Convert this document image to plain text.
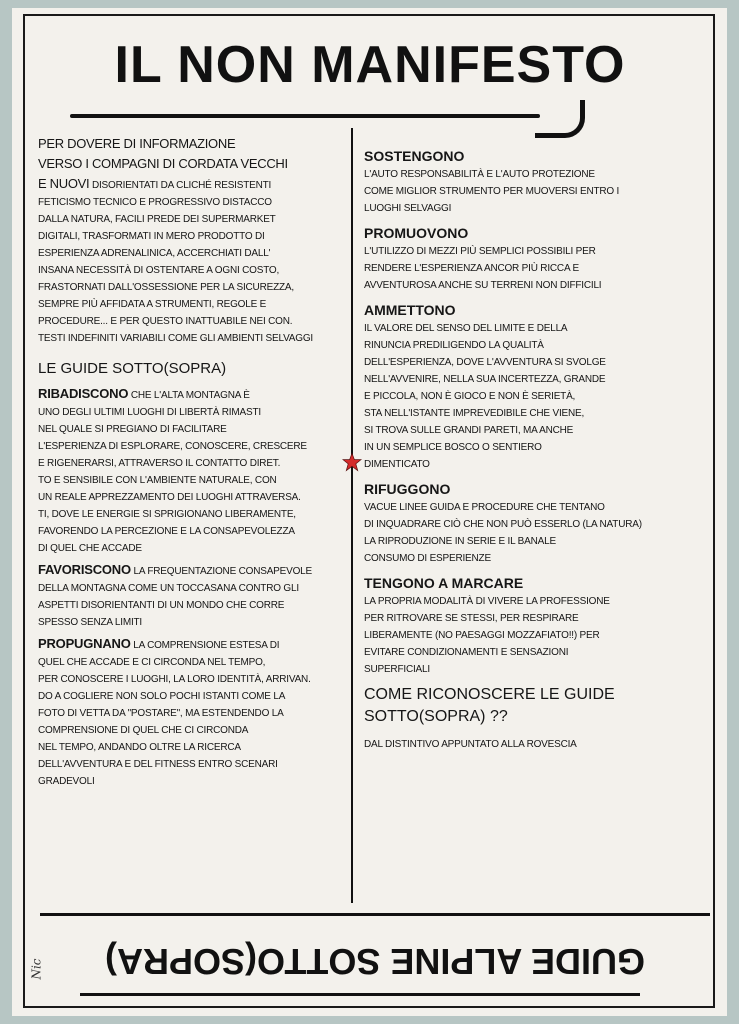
IL NON MANIFESTO
PER DOVERE DI INFORMAZIONE
VERSO I COMPAGNI DI CORDATA VECCHI
E NUOVI DISORIENTATI DA CLICHÉ RESISTENTI
FETICISMO TECNICO E PROGRESSIVO DISTACCO
DALLA NATURA, FACILI PREDE DEI SUPERMARKET
DIGITALI, TRASFORMATI IN MERO PRODOTTO DI
ESPERIENZA ADRENALINICA, ACCERCHIATI DALL'
INSANA NECESSITÀ DI OSTENTARE A OGNI COSTO,
FRASTORNATI DALL'OSSESSIONE PER LA SICUREZZA,
SEMPRE PIÙ AFFIDATA A STRUMENTI, REGOLE E
PROCEDURE... E PER QUESTO INATTUABILE NEI CON.
TESTI INDEFINITI VARIABILI COME GLI AMBIENTI SELVAGGI
LE GUIDE SOTTO(SOPRA)
RIBADISCONO CHE L'ALTA MONTAGNA È
UNO DEGLI ULTIMI LUOGHI DI LIBERTÀ RIMASTI
NEL QUALE SI PREGIANO DI FACILITARE
L'ESPERIENZA DI ESPLORARE, CONOSCERE, CRESCERE
E RIGENERARSI, ATTRAVERSO IL CONTATTO DIRET.
TO E SENSIBILE CON L'AMBIENTE NATURALE, CON
UN REALE APPREZZAMENTO DEI LUOGHI ATTRAVERSA.
TI, DOVE LE ENERGIE SI SPRIGIONANO LIBERAMENTE,
FAVORENDO LA PERCEZIONE E LA CONSAPEVOLEZZA
DI QUEL CHE ACCADE
FAVORISCONO LA FREQUENTAZIONE CONSAPEVOLE
DELLA MONTAGNA COME UN TOCCASANA CONTRO GLI
ASPETTI DISORIENTANTI DI UN MONDO CHE CORRE
SPESSO SENZA LIMITI
PROPUGNANO LA COMPRENSIONE ESTESA DI
QUEL CHE ACCADE E CI CIRCONDA NEL TEMPO,
PER CONOSCERE I LUOGHI, LA LORO IDENTITÀ, ARRIVAN.
DO A COGLIERE NON SOLO POCHI ISTANTI COME LA
FOTO DI VETTA DA "POSTARE", MA ESTENDENDO LA
COMPRENSIONE DI QUEL CHE CI CIRCONDA
NEL TEMPO, ANDANDO OLTRE LA RICERCA
DELL'AVVENTURA E DEL FITNESS ENTRO SCENARI
GRADEVOLI
SOSTENGONO
L'AUTO RESPONSABILITÀ E L'AUTO PROTEZIONE
COME MIGLIOR STRUMENTO PER MUOVERSI ENTRO I
LUOGHI SELVAGGI
PROMUOVONO
L'UTILIZZO DI MEZZI PIÙ SEMPLICI POSSIBILI PER
RENDERE L'ESPERIENZA ANCOR PIÙ RICCA E
AVVENTUROSA ANCHE SU TERRENI NON DIFFICILI
AMMETTONO
IL VALORE DEL SENSO DEL LIMITE E DELLA
RINUNCIA PREDILIGENDO LA QUALITÀ
DELL'ESPERIENZA, DOVE L'AVVENTURA SI SVOLGE
NELL'AVVENIRE, NELLA SUA INCERTEZZA, GRANDE
E PICCOLA, NON È GIOCO E NON È SERIETÀ,
STA NELL'ISTANTE IMPREVEDIBILE CHE VIENE,
SI TROVA SULLE GRANDI PARETI, MA ANCHE
IN UN SEMPLICE BOSCO O SENTIERO
DIMENTICATO
RIFUGGONO
VACUE LINEE GUIDA E PROCEDURE CHE TENTANO
DI INQUADRARE CIÒ CHE NON PUÒ ESSERLO (LA NATURA)
LA RIPRODUZIONE IN SERIE E IL BANALE
CONSUMO DI ESPERIENZE
TENGONO A MARCARE
LA PROPRIA MODALITÀ DI VIVERE LA PROFESSIONE
PER RITROVARE SE STESSI, PER RESPIRARE
LIBERAMENTE (NO PAESAGGI MOZZAFIATO!!) PER
EVITARE CONDIZIONAMENTI E SENSAZIONI
SUPERFICIALI
COME RICONOSCERE LE GUIDE
SOTTO(SOPRA) ??
DAL DISTINTIVO APPUNTATO ALLA ROVESCIA
GUIDE ALPINE SOTTO(SOPRA)
Nic
